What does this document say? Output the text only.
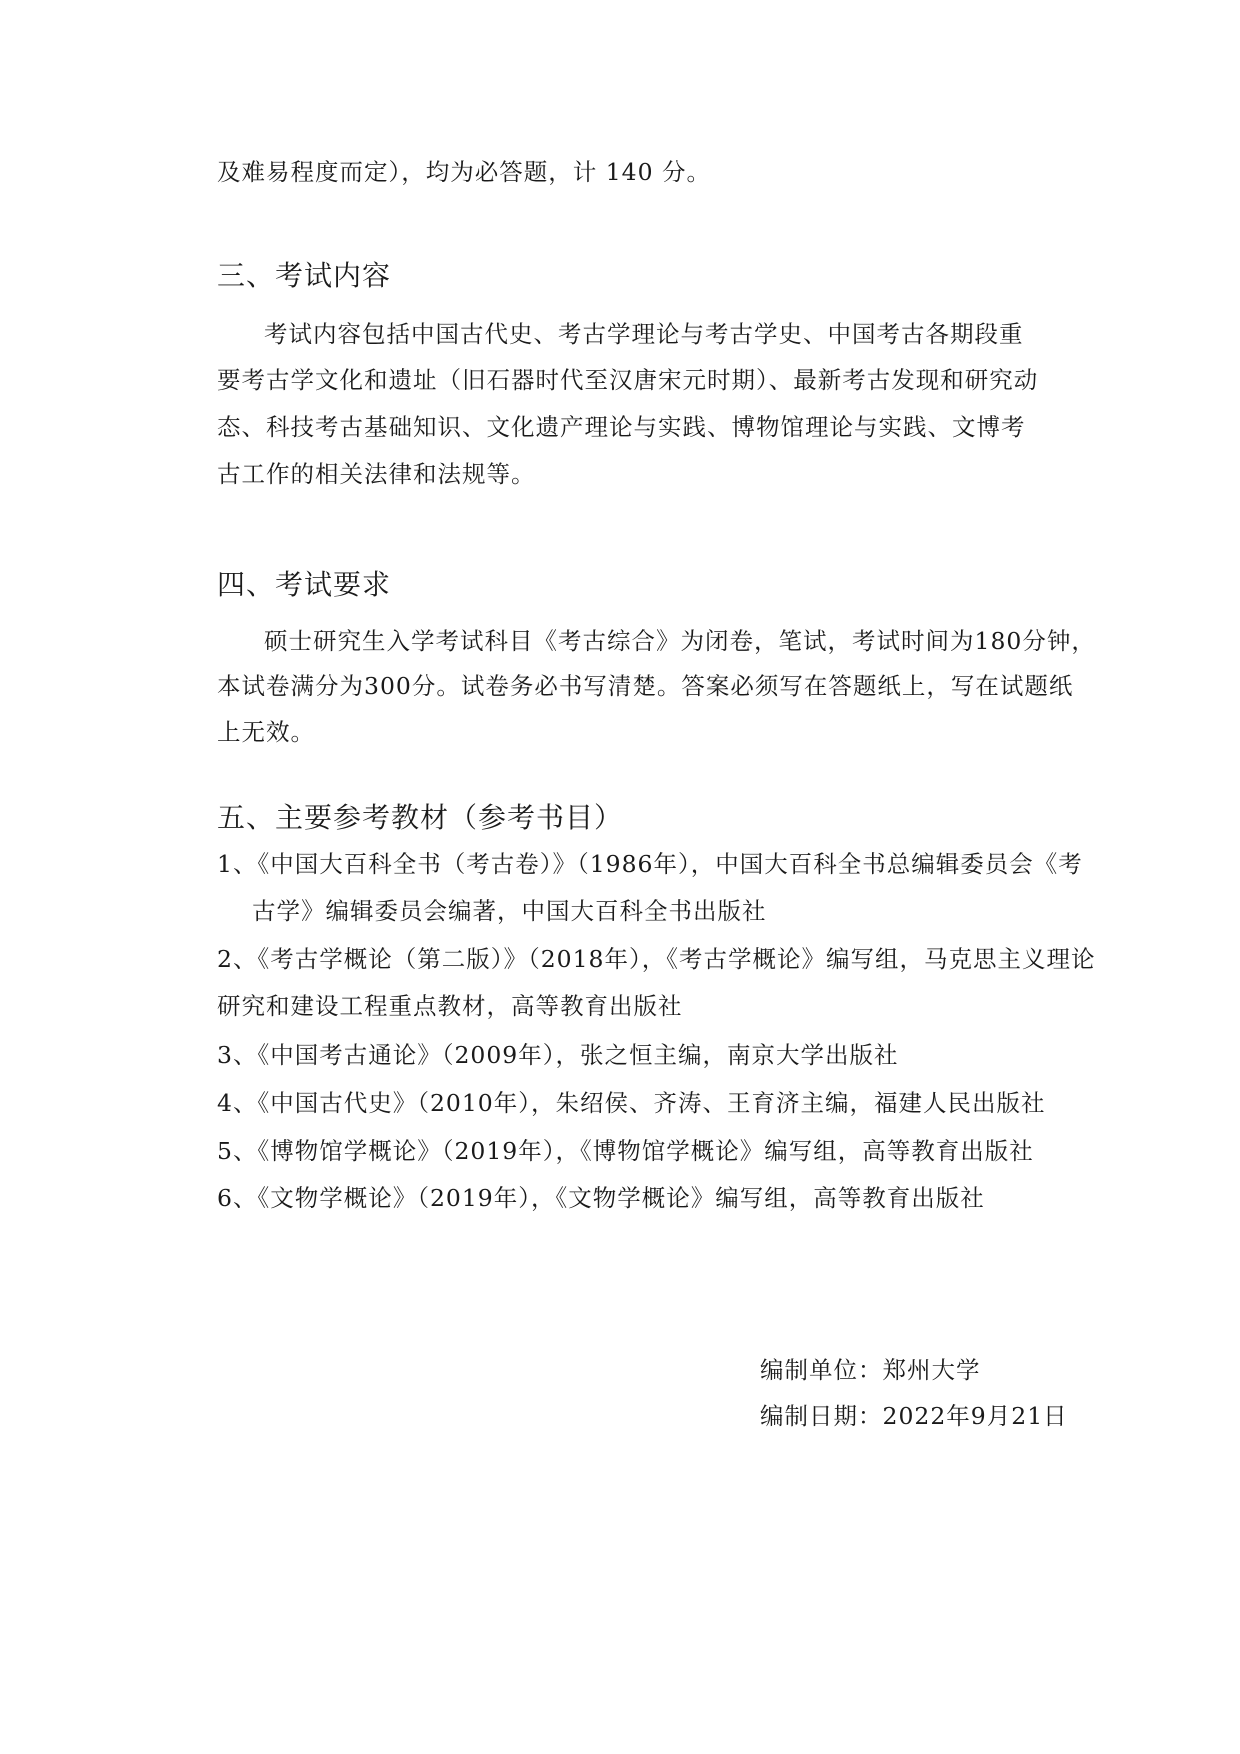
及难易程度而定），均为必答题，计 140 分。
三、考试内容
考试内容包括中国古代史、考古学理论与考古学史、中国考古各期段重
要考古学文化和遗址（旧石器时代至汉唐宋元时期）、最新考古发现和研究动
态、科技考古基础知识、文化遗产理论与实践、博物馆理论与实践、文博考
古工作的相关法律和法规等。
四、考试要求
硕士研究生入学考试科目《考古综合》为闭卷，笔试，考试时间为180分钟，
本试卷满分为300分。试卷务必书写清楚。答案必须写在答题纸上，写在试题纸
上无效。
五、主要参考教材（参考书目）
1、《中国大百科全书（考古卷）》（1986年），中国大百科全书总编辑委员会《考
古学》编辑委员会编著，中国大百科全书出版社
2、《考古学概论（第二版）》（2018年），《考古学概论》编写组，马克思主义理论
研究和建设工程重点教材，高等教育出版社
3、《中国考古通论》（2009年），张之恒主编，南京大学出版社
4、《中国古代史》（2010年），朱绍侯、齐涛、王育济主编，福建人民出版社
5、《博物馆学概论》（2019年），《博物馆学概论》编写组，高等教育出版社
6、《文物学概论》（2019年），《文物学概论》编写组，高等教育出版社
编制单位：郑州大学
编制日期：2022年9月21日
